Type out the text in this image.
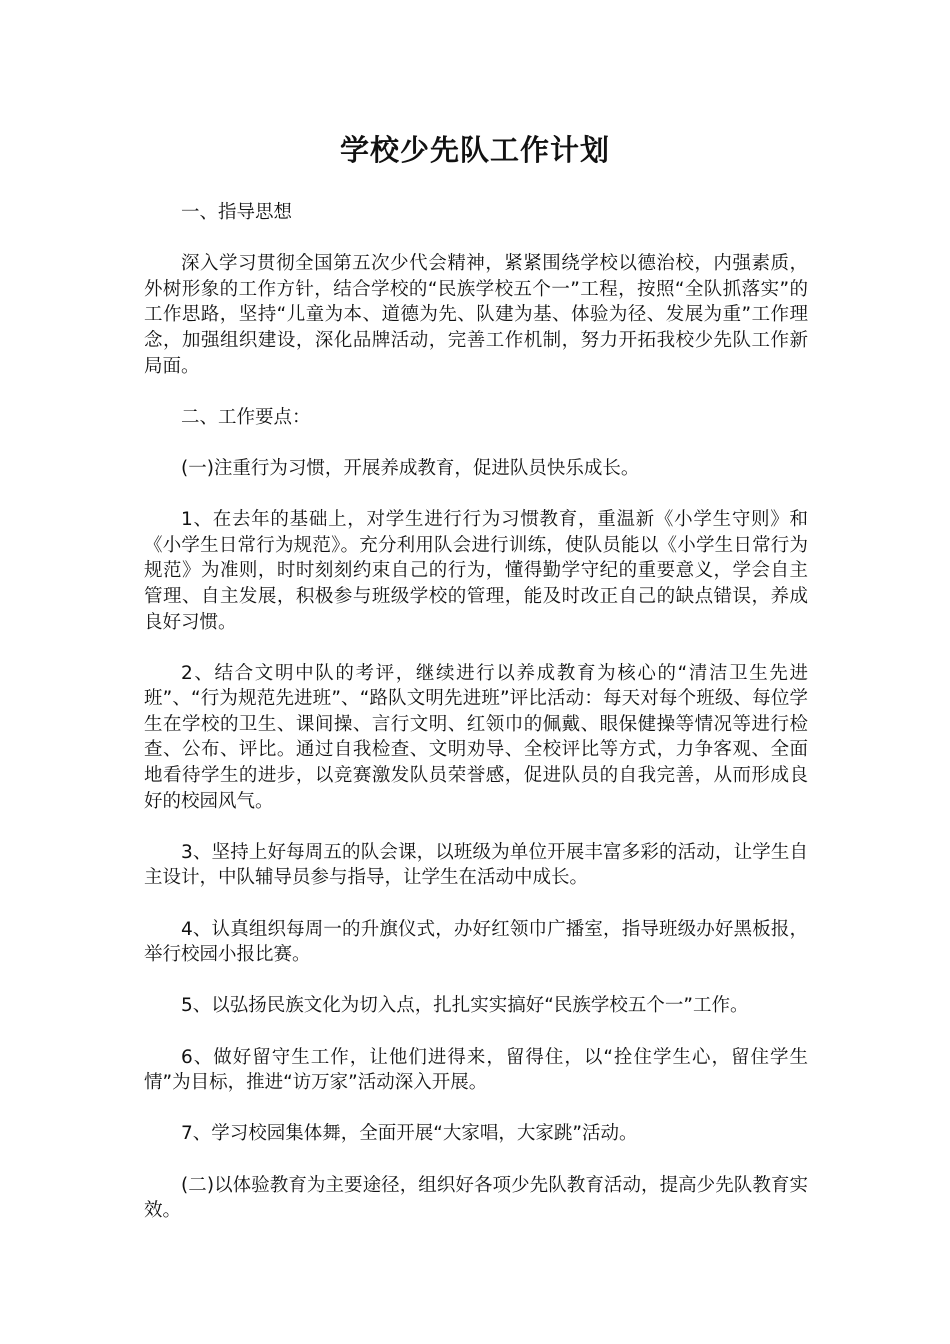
学校少先队工作计划

一、指导思想

深入学习贯彻全国第五次少代会精神，紧紧围绕学校以德治校，内强素质，外树形象的工作方针，结合学校的“民族学校五个一”工程，按照“全队抓落实”的工作思路，坚持“儿童为本、道德为先、队建为基、体验为径、发展为重”工作理念，加强组织建设，深化品牌活动，完善工作机制，努力开拓我校少先队工作新局面。

二、工作要点：

(一)注重行为习惯，开展养成教育，促进队员快乐成长。

1、在去年的基础上，对学生进行行为习惯教育，重温新《小学生守则》和《小学生日常行为规范》。充分利用队会进行训练，使队员能以《小学生日常行为规范》为准则，时时刻刻约束自己的行为，懂得勤学守纪的重要意义，学会自主管理、自主发展，积极参与班级学校的管理，能及时改正自己的缺点错误，养成良好习惯。

2、结合文明中队的考评，继续进行以养成教育为核心的“清洁卫生先进班”、“行为规范先进班”、“路队文明先进班”评比活动：每天对每个班级、每位学生在学校的卫生、课间操、言行文明、红领巾的佩戴、眼保健操等情况等进行检查、公布、评比。通过自我检查、文明劝导、全校评比等方式，力争客观、全面地看待学生的进步，以竞赛激发队员荣誉感，促进队员的自我完善，从而形成良好的校园风气。

3、坚持上好每周五的队会课，以班级为单位开展丰富多彩的活动，让学生自主设计，中队辅导员参与指导，让学生在活动中成长。

4、认真组织每周一的升旗仪式，办好红领巾广播室，指导班级办好黑板报，举行校园小报比赛。

5、以弘扬民族文化为切入点，扎扎实实搞好“民族学校五个一”工作。

6、做好留守生工作，让他们进得来，留得住，以“拴住学生心，留住学生情”为目标，推进“访万家”活动深入开展。

7、学习校园集体舞，全面开展“大家唱，大家跳”活动。

(二)以体验教育为主要途径，组织好各项少先队教育活动，提高少先队教育实效。
